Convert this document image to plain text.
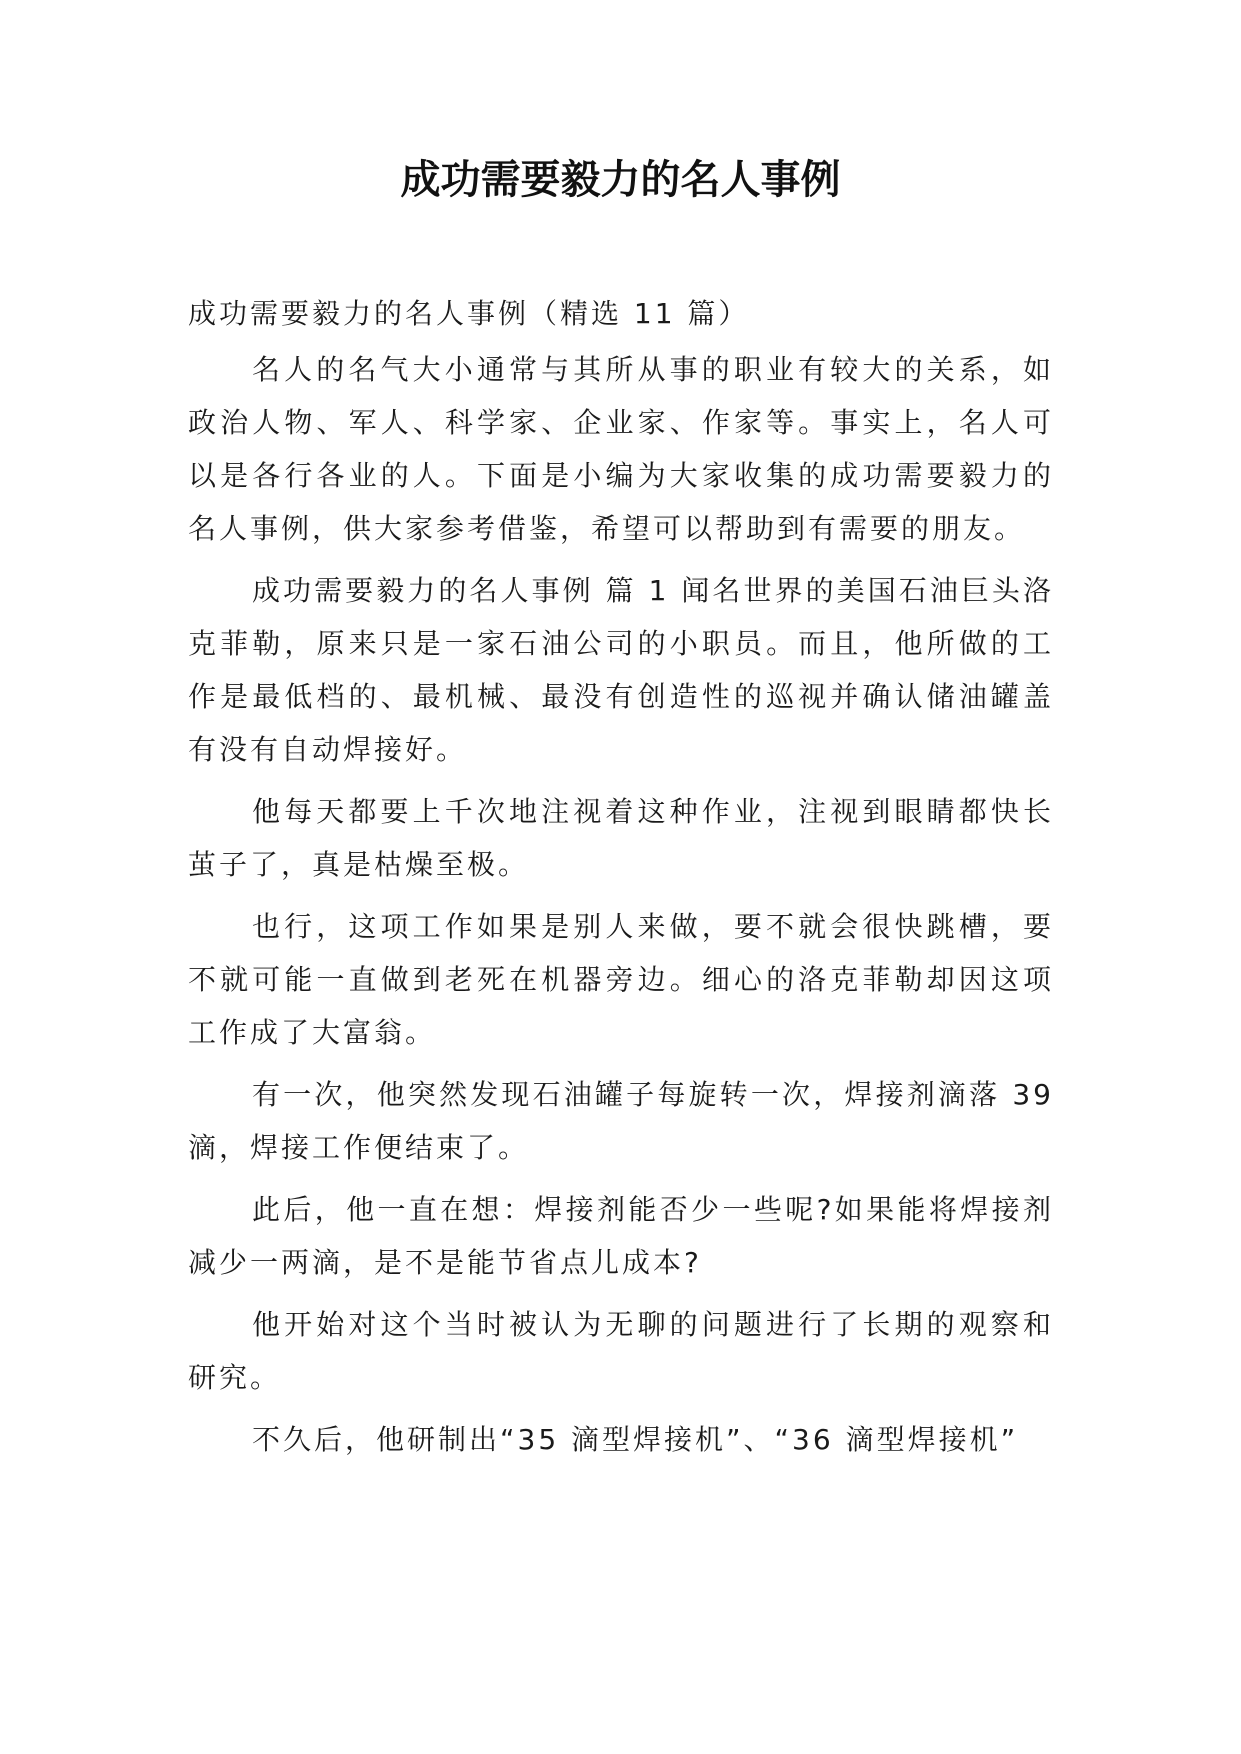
成功需要毅力的名人事例

成功需要毅力的名人事例（精选 11 篇）

名人的名气大小通常与其所从事的职业有较大的关系，如政治人物、军人、科学家、企业家、作家等。事实上，名人可以是各行各业的人。下面是小编为大家收集的成功需要毅力的名人事例，供大家参考借鉴，希望可以帮助到有需要的朋友。

成功需要毅力的名人事例 篇 1 闻名世界的美国石油巨头洛克菲勒，原来只是一家石油公司的小职员。而且，他所做的工作是最低档的、最机械、最没有创造性的巡视并确认储油罐盖有没有自动焊接好。

他每天都要上千次地注视着这种作业，注视到眼睛都快长茧子了，真是枯燥至极。

也行，这项工作如果是别人来做，要不就会很快跳槽，要不就可能一直做到老死在机器旁边。细心的洛克菲勒却因这项工作成了大富翁。

有一次，他突然发现石油罐子每旋转一次，焊接剂滴落 39 滴，焊接工作便结束了。

此后，他一直在想：焊接剂能否少一些呢?如果能将焊接剂减少一两滴，是不是能节省点儿成本?

他开始对这个当时被认为无聊的问题进行了长期的观察和研究。

不久后，他研制出“35 滴型焊接机”、“36 滴型焊接机”
